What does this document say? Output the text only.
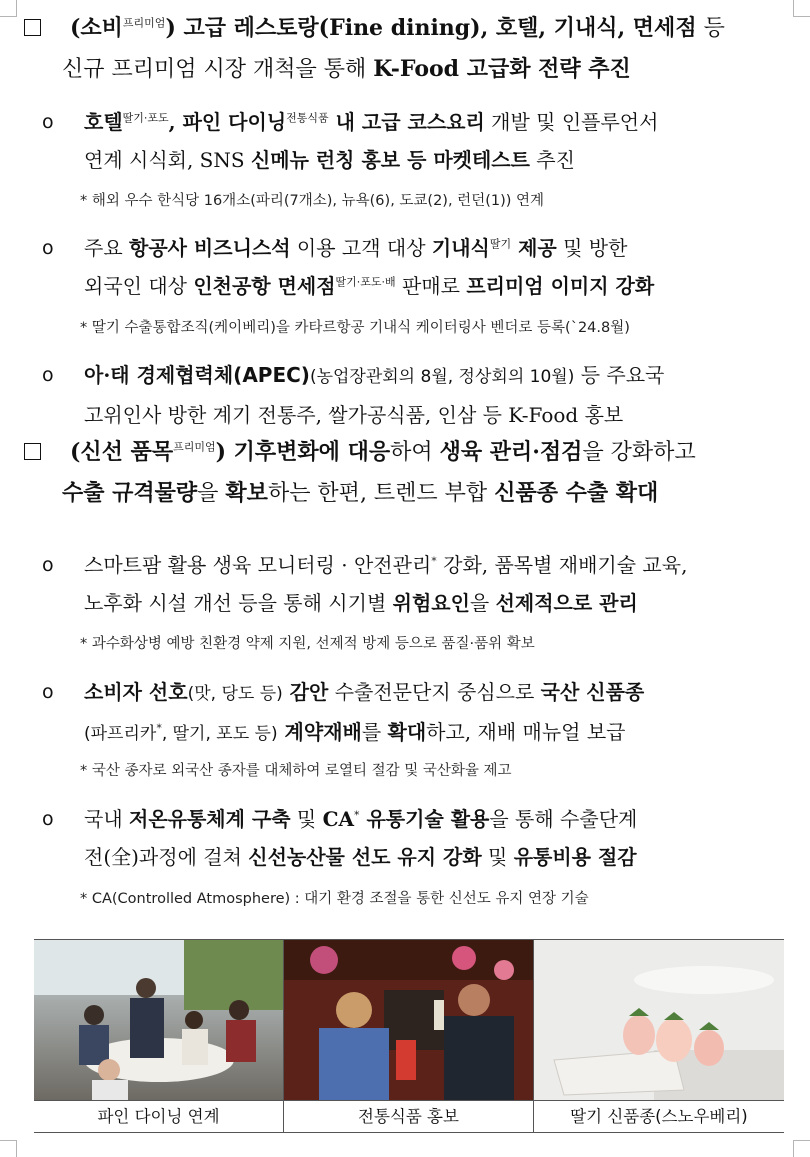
(소비$^{프리미엄}$) 고급 레스토랑(Fine dining), 호텔, 기내식, 면세점 등
신규 프리미엄 시장 개척을 통해 K-Food 고급화 전략 추진
o 호텔$^{딸기\cdot 포도}$, 파인 다이닝$^{전통식품}$ 내 고급 코스요리 개발 및 인플루언서
연계 시식회, SNS 신메뉴 런칭 홍보 등 마켓테스트 추진
* 해외 우수 한식당 16개소(파리(7개소), 뉴욕(6), 도쿄(2), 런던(1)) 연계
o 주요 항공사 비즈니스석 이용 고객 대상 기내식$^{딸기}$ 제공 및 방한
외국인 대상 인천공항 면세점$^{딸기\cdot 포도\cdot 배}$ 판매로 프리미엄 이미지 강화
* 딸기 수출통합조직(케이베리)을 카타르항공 기내식 케이터링사 벤더로 등록(`24.8월)
o 아·태 경제협력체(APEC)(농업장관회의 8월, 정상회의 10월) 등 주요국
고위인사 방한 계기 전통주, 쌀가공식품, 인삼 등 K-Food 홍보
(신선 품목$^{프리미엄}$) 기후변화에 대응하여 생육 관리·점검을 강화하고
수출 규격물량을 확보하는 한편, 트렌드 부합 신품종 수출 확대
o 스마트팜 활용 생육 모니터링 · 안전관리* 강화, 품목별 재배기술 교육,
노후화 시설 개선 등을 통해 시기별 위험요인을 선제적으로 관리
* 과수화상병 예방 친환경 약제 지원, 선제적 방제 등으로 품질·품위 확보
o 소비자 선호(맛, 당도 등) 감안 수출전문단지 중심으로 국산 신품종
(파프리카*, 딸기, 포도 등) 계약재배를 확대하고, 재배 매뉴얼 보급
* 국산 종자로 외국산 종자를 대체하여 로열티 절감 및 국산화율 제고
o 국내 저온유통체계 구축 및 CA* 유통기술 활용을 통해 수출단계
전(全)과정에 걸쳐 신선농산물 선도 유지 강화 및 유통비용 절감
* CA(Controlled Atmosphere) : 대기 환경 조절을 통한 신선도 유지 연장 기술
파인 다이닝 연계	전통식품 홍보	딸기 신품종(스노우베리)
